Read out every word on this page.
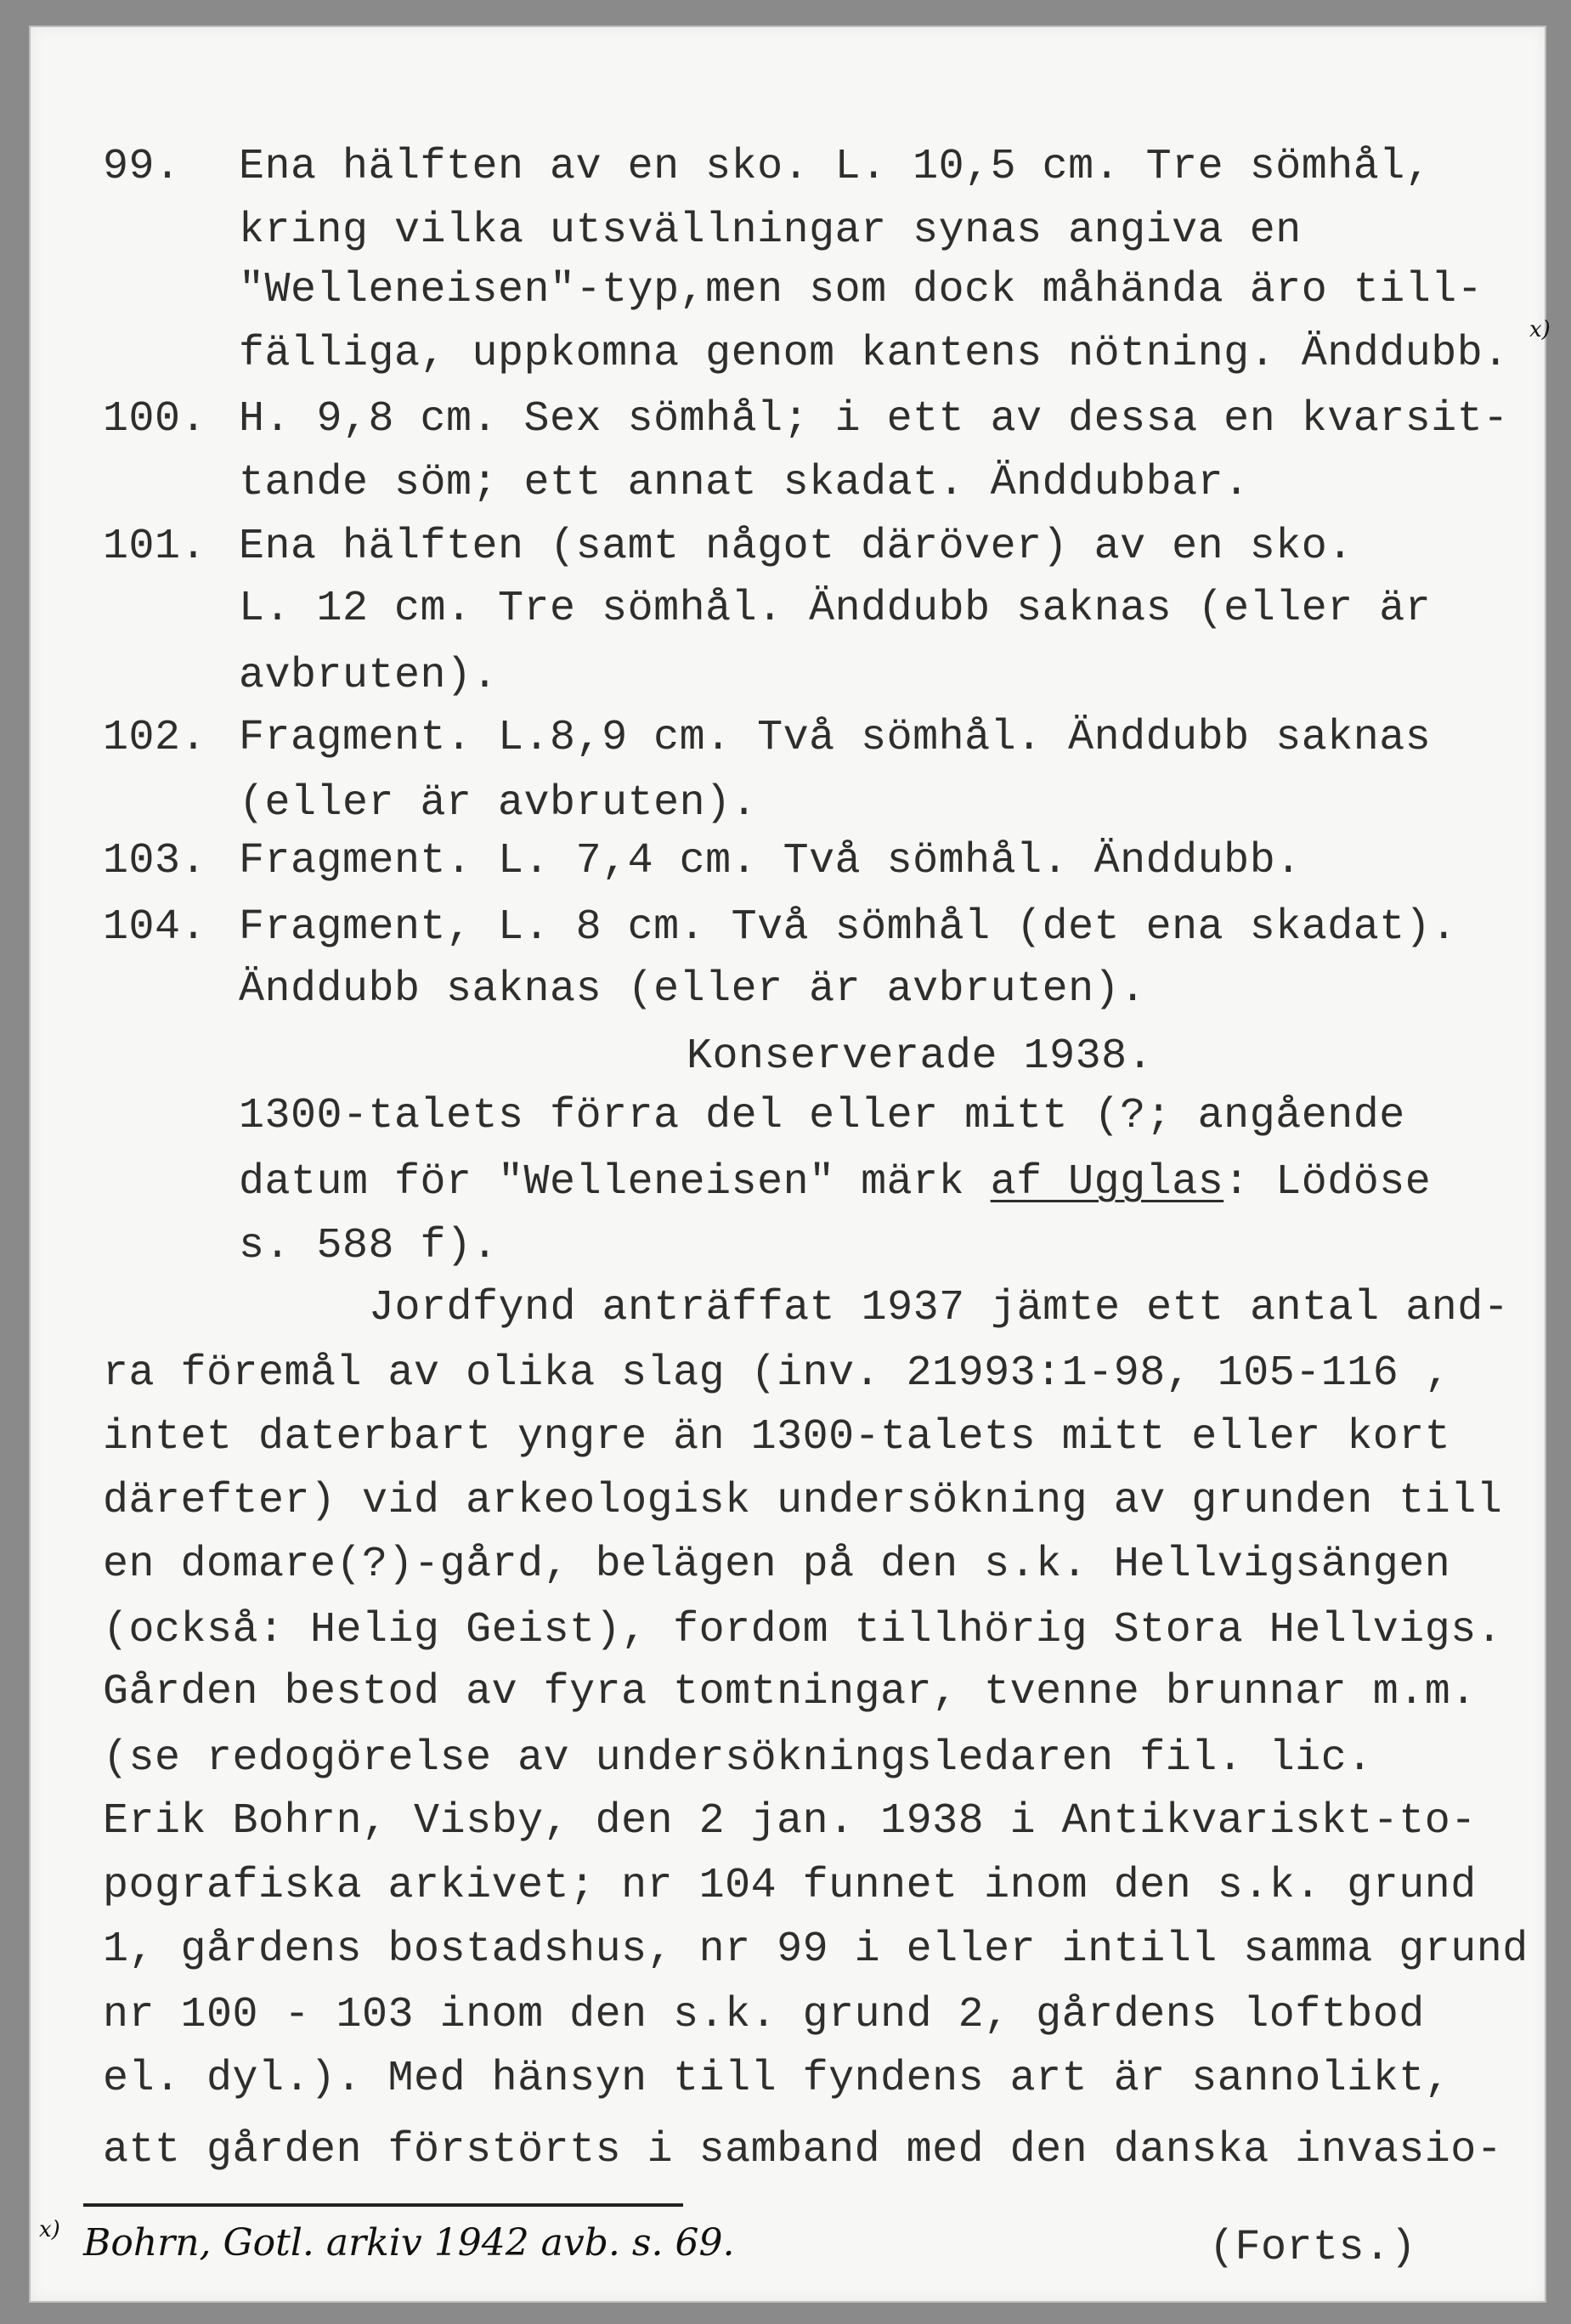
99. Ena hälften av en sko. L. 10,5 cm. Tre sömhål,
kring vilka utsvällningar synas angiva en
"Welleneisen"-typ,men som dock måhända äro till-
fälliga, uppkomna genom kantens nötning. Änddubb. x)
100. H. 9,8 cm. Sex sömhål; i ett av dessa en kvarsit-
tande söm; ett annat skadat. Änddubbar.
101. Ena hälften (samt något däröver) av en sko.
L. 12 cm. Tre sömhål. Änddubb saknas (eller är
avbruten).
102. Fragment. L.8,9 cm. Två sömhål. Änddubb saknas
(eller är avbruten).
103. Fragment. L. 7,4 cm. Två sömhål. Änddubb.
104. Fragment, L. 8 cm. Två sömhål (det ena skadat).
Änddubb saknas (eller är avbruten).
Konserverade 1938.
1300-talets förra del eller mitt (?; angående
datum för "Welleneisen" märk af Ugglas: Lödöse
s. 588 f).
Jordfynd anträffat 1937 jämte ett antal and-
ra föremål av olika slag (inv. 21993:1-98, 105-116 ,
intet daterbart yngre än 1300-talets mitt eller kort
därefter) vid arkeologisk undersökning av grunden till
en domare(?)-gård, belägen på den s.k. Hellvigsängen
(också: Helig Geist), fordom tillhörig Stora Hellvigs.
Gården bestod av fyra tomtningar, tvenne brunnar m.m.
(se redogörelse av undersökningsledaren fil. lic.
Erik Bohrn, Visby, den 2 jan. 1938 i Antikvariskt-to-
pografiska arkivet; nr 104 funnet inom den s.k. grund
1, gårdens bostadshus, nr 99 i eller intill samma grund
nr 100 - 103 inom den s.k. grund 2, gårdens loftbod
el. dyl.). Med hänsyn till fyndens art är sannolikt,
att gården förstörts i samband med den danska invasio-
x) Bohrn, Gotl. arkiv 1942 avb. s. 69.	(Forts.)
